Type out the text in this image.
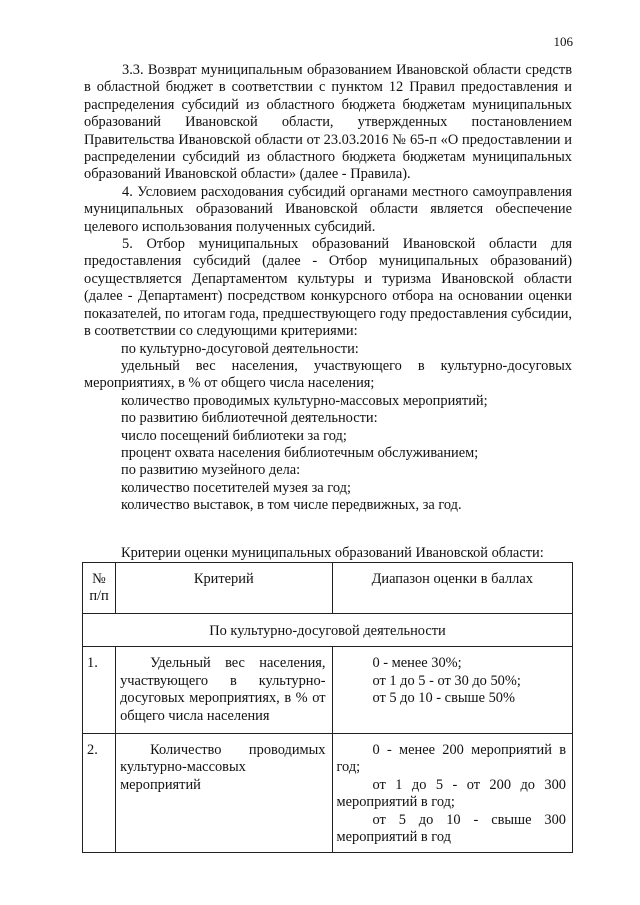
106

3.3. Возврат муниципальным образованием Ивановской области средств в областной бюджет в соответствии с пунктом 12 Правил предоставления и распределения субсидий из областного бюджета бюджетам муниципальных образований Ивановской области, утвержденных постановлением Правительства Ивановской области от 23.03.2016 № 65-п «О предоставлении и распределении субсидий из областного бюджета бюджетам муниципальных образований Ивановской области» (далее - Правила).

4. Условием расходования субсидий органами местного самоуправления муниципальных образований Ивановской области является обеспечение целевого использования полученных субсидий.

5. Отбор муниципальных образований Ивановской области для предоставления субсидий (далее - Отбор муниципальных образований) осуществляется Департаментом культуры и туризма Ивановской области (далее - Департамент) посредством конкурсного отбора на основании оценки показателей, по итогам года, предшествующего году предоставления субсидии, в соответствии со следующими критериями:

по культурно-досуговой деятельности:

удельный вес населения, участвующего в культурно-досуговых мероприятиях, в % от общего числа населения;

количество проводимых культурно-массовых мероприятий;

по развитию библиотечной деятельности:

число посещений библиотеки за год;

процент охвата населения библиотечным обслуживанием;

по развитию музейного дела:

количество посетителей музея за год;

количество выставок, в том числе передвижных, за год.

Критерии оценки муниципальных образований Ивановской области:
№
п/п	Критерий	Диапазон оценки в баллах
По культурно-досуговой деятельности		
1.	Удельный вес населения, участвующего в культурно-досуговых мероприятиях, в % от общего числа населения	0 - менее 30%;

от 1 до 5 - от 30 до 50%;

от 5 до 10 - свыше 50%

2.	Количество проводимых культурно-массовых мероприятий	0 - менее 200 мероприятий в год;

от 1 до 5 - от 200 до 300 мероприятий в год;

от 5 до 10 - свыше 300 мероприятий в год
